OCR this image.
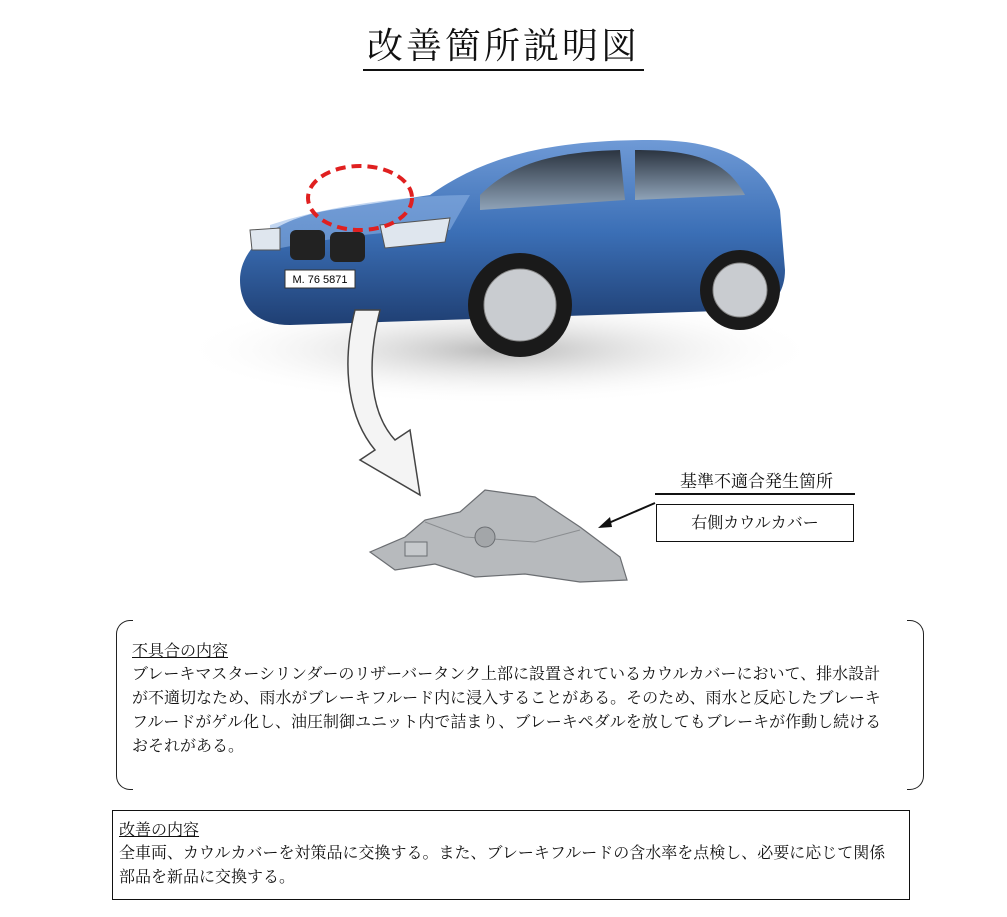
改善箇所説明図
M. 76 5871
基準不適合発生箇所
右側カウルカバー
不具合の内容
ブレーキマスターシリンダーのリザーバータンク上部に設置されているカウルカバーにおいて、排水設計が不適切なため、雨水がブレーキフルード内に浸入することがある。そのため、雨水と反応したブレーキフルードがゲル化し、油圧制御ユニット内で詰まり、ブレーキペダルを放してもブレーキが作動し続けるおそれがある。
改善の内容
全車両、カウルカバーを対策品に交換する。また、ブレーキフルードの含水率を点検し、必要に応じて関係部品を新品に交換する。
